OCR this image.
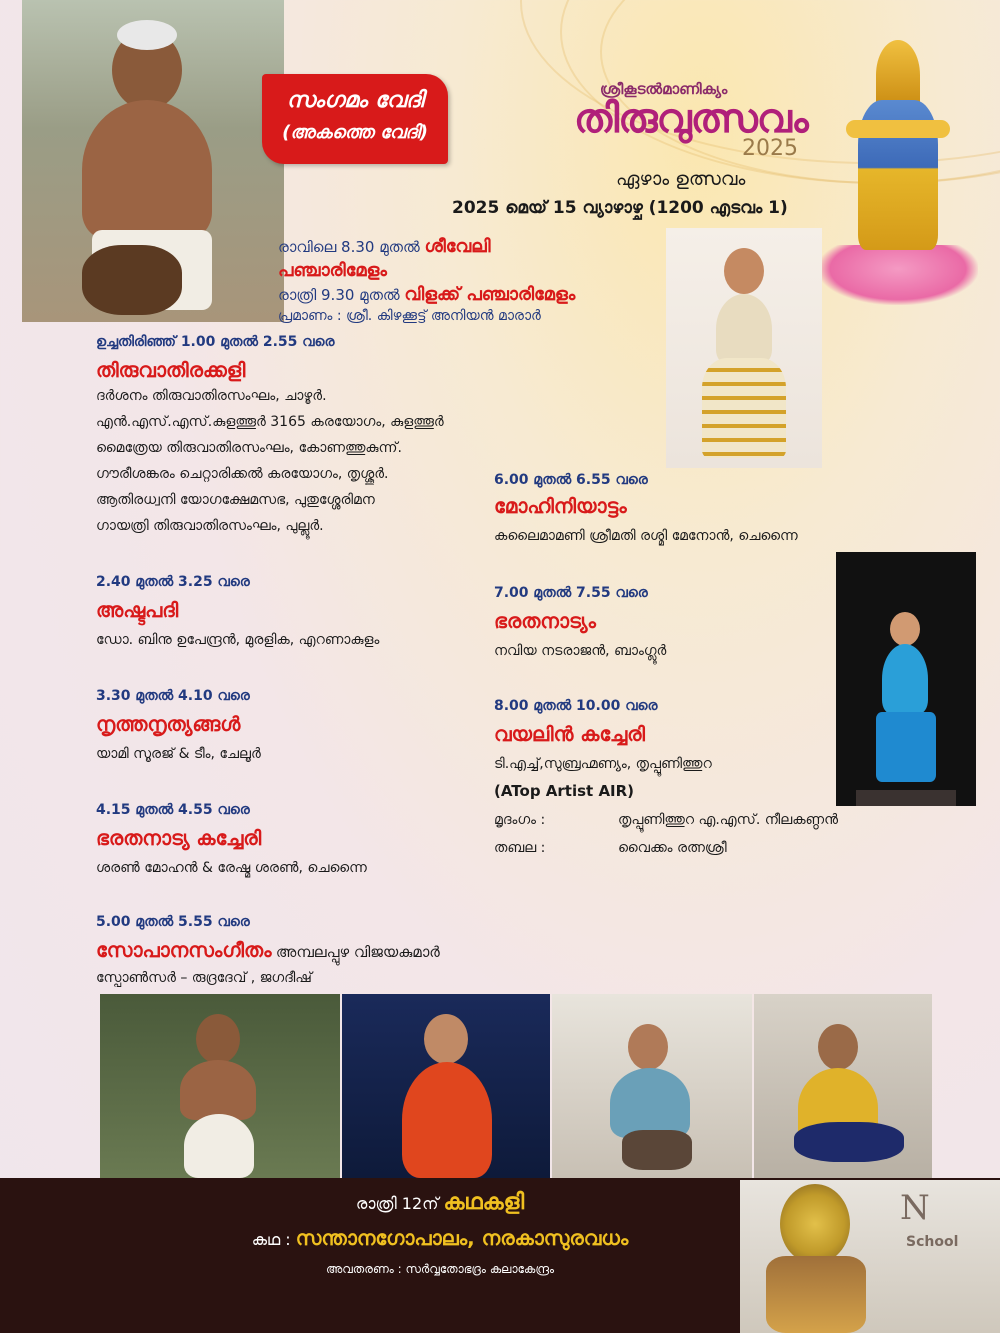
സംഗമം വേദി
(അകത്തെ വേദി)
ശ്രീകൂടൽമാണിക്യം
തിരുവുത്സവം
2025
ഏഴാം ഉത്സവം
2025 മെയ് 15 വ്യാഴാഴ്ച (1200 എടവം 1)
രാവിലെ 8.30 മുതൽ ശീവേലി
പഞ്ചാരിമേളം
രാത്രി 9.30 മുതൽ വിളക്ക് പഞ്ചാരിമേളം
പ്രമാണം : ശ്രീ. കിഴക്കൂട്ട് അനിയൻ മാരാർ
ഉച്ചതിരിഞ്ഞ് 1.00 മുതൽ 2.55 വരെ
തിരുവാതിരക്കളി
ദർശനം തിരുവാതിരസംഘം, ചാഴൂർ.
എൻ.എസ്.എസ്.കുളത്തൂർ 3165 കരയോഗം, കുളത്തൂർ
മൈത്രേയ തിരുവാതിരസംഘം, കോണത്തുകുന്ന്.
ഗൗരീശങ്കരം ചെറ്റാരിക്കൽ കരയോഗം, തൃശ്ശൂർ.
ആതിരധ്വനി യോഗക്ഷേമസഭ, പുതുശ്ശേരിമന
ഗായത്രി തിരുവാതിരസംഘം, പുല്ലൂർ.
2.40 മുതൽ 3.25 വരെ
അഷ്ടപദി
ഡോ. ബിനു ഉപേന്ദ്രൻ, മുരളിക, എറണാകുളം
3.30 മുതൽ 4.10 വരെ
നൃത്തനൃത്യങ്ങൾ
യാമി സൂരജ് & ടീം, ചേലൂർ
4.15 മുതൽ 4.55 വരെ
ഭരതനാട്യ കച്ചേരി
ശരൺ മോഹൻ & രേഷ്മ ശരൺ, ചെന്നൈ
5.00 മുതൽ 5.55 വരെ
സോപാനസംഗീതം അമ്പലപ്പുഴ വിജയകുമാർ
സ്പോൺസർ – രുദ്രദേവ് , ജഗദീഷ്
6.00 മുതൽ 6.55 വരെ
മോഹിനിയാട്ടം
കലൈമാമണി ശ്രീമതി രശ്മി മേനോൻ, ചെന്നൈ
7.00 മുതൽ 7.55 വരെ
ഭരതനാട്യം
നവിയ നടരാജൻ, ബാംഗ്ലൂർ
8.00 മുതൽ 10.00 വരെ
വയലിൻ കച്ചേരി
ടി.എച്ച്,സുബ്രഹ്മണ്യം, തൃപ്പൂണിത്തുറ
(ATop Artist AIR)
മൃദംഗം :	തൃപ്പൂണിത്തുറ എ.എസ്. നീലകണ്ഠൻ
തബല :	വൈക്കം രത്നശ്രീ
രാത്രി 12ന് കഥകളി
കഥ : സന്താനഗോപാലം, നരകാസുരവധം
അവതരണം : സർവ്വതോഭദ്രം കലാകേന്ദ്രം
N
School
